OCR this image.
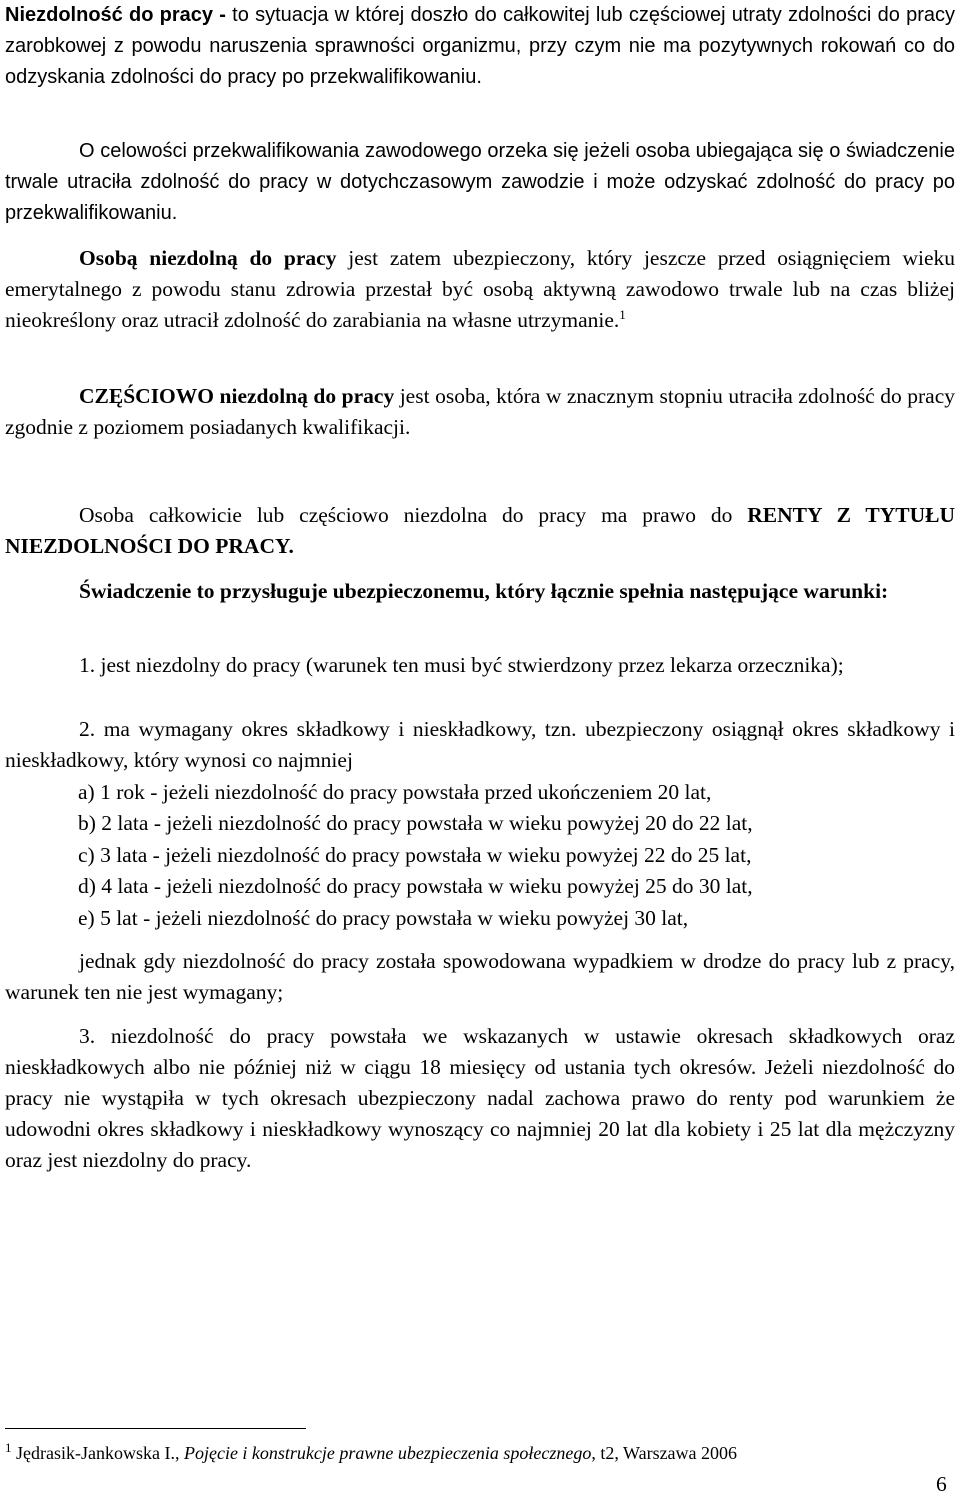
Niezdolność do pracy - to sytuacja w której doszło do całkowitej lub częściowej utraty zdolności do pracy zarobkowej z powodu naruszenia sprawności organizmu, przy czym nie ma pozytywnych rokowań co do odzyskania zdolności do pracy po przekwalifikowaniu.

O celowości przekwalifikowania zawodowego orzeka się jeżeli osoba ubiegająca się o świadczenie trwale utraciła zdolność do pracy w dotychczasowym zawodzie i może odzyskać zdolność do pracy po przekwalifikowaniu.

Osobą niezdolną do pracy jest zatem ubezpieczony, który jeszcze przed osiągnięciem wieku emerytalnego z powodu stanu zdrowia przestał być osobą aktywną zawodowo trwale lub na czas bliżej nieokreślony oraz utracił zdolność do zarabiania na własne utrzymanie.$^1$

CZĘŚCIOWO niezdolną do pracy jest osoba, która w znacznym stopniu utraciła zdolność do pracy zgodnie z poziomem posiadanych kwalifikacji.

Osoba całkowicie lub częściowo niezdolna do pracy ma prawo do RENTY Z TYTUŁU NIEZDOLNOŚCI DO PRACY.

Świadczenie to przysługuje ubezpieczonemu, który łącznie spełnia następujące warunki:

1. jest niezdolny do pracy (warunek ten musi być stwierdzony przez lekarza orzecznika);

2. ma wymagany okres składkowy i nieskładkowy, tzn. ubezpieczony osiągnął okres składkowy i nieskładkowy, który wynosi co najmniej

a) 1 rok - jeżeli niezdolność do pracy powstała przed ukończeniem 20 lat,

b) 2 lata - jeżeli niezdolność do pracy powstała w wieku powyżej 20 do 22 lat,

c) 3 lata - jeżeli niezdolność do pracy powstała w wieku powyżej 22 do 25 lat,

d) 4 lata - jeżeli niezdolność do pracy powstała w wieku powyżej 25 do 30 lat,

e) 5 lat - jeżeli niezdolność do pracy powstała w wieku powyżej 30 lat,

jednak gdy niezdolność do pracy została spowodowana wypadkiem w drodze do pracy lub z pracy, warunek ten nie jest wymagany;

3. niezdolność do pracy powstała we wskazanych w ustawie okresach składkowych oraz nieskładkowych albo nie później niż w ciągu 18 miesięcy od ustania tych okresów. Jeżeli niezdolność do pracy nie wystąpiła w tych okresach ubezpieczony nadal zachowa prawo do renty pod warunkiem że udowodni okres składkowy i nieskładkowy wynoszący co najmniej 20 lat dla kobiety i 25 lat dla mężczyzny oraz jest niezdolny do pracy.

$^1$ Jędrasik-Jankowska I., Pojęcie i konstrukcje prawne ubezpieczenia społecznego, t2, Warszawa 2006

6
